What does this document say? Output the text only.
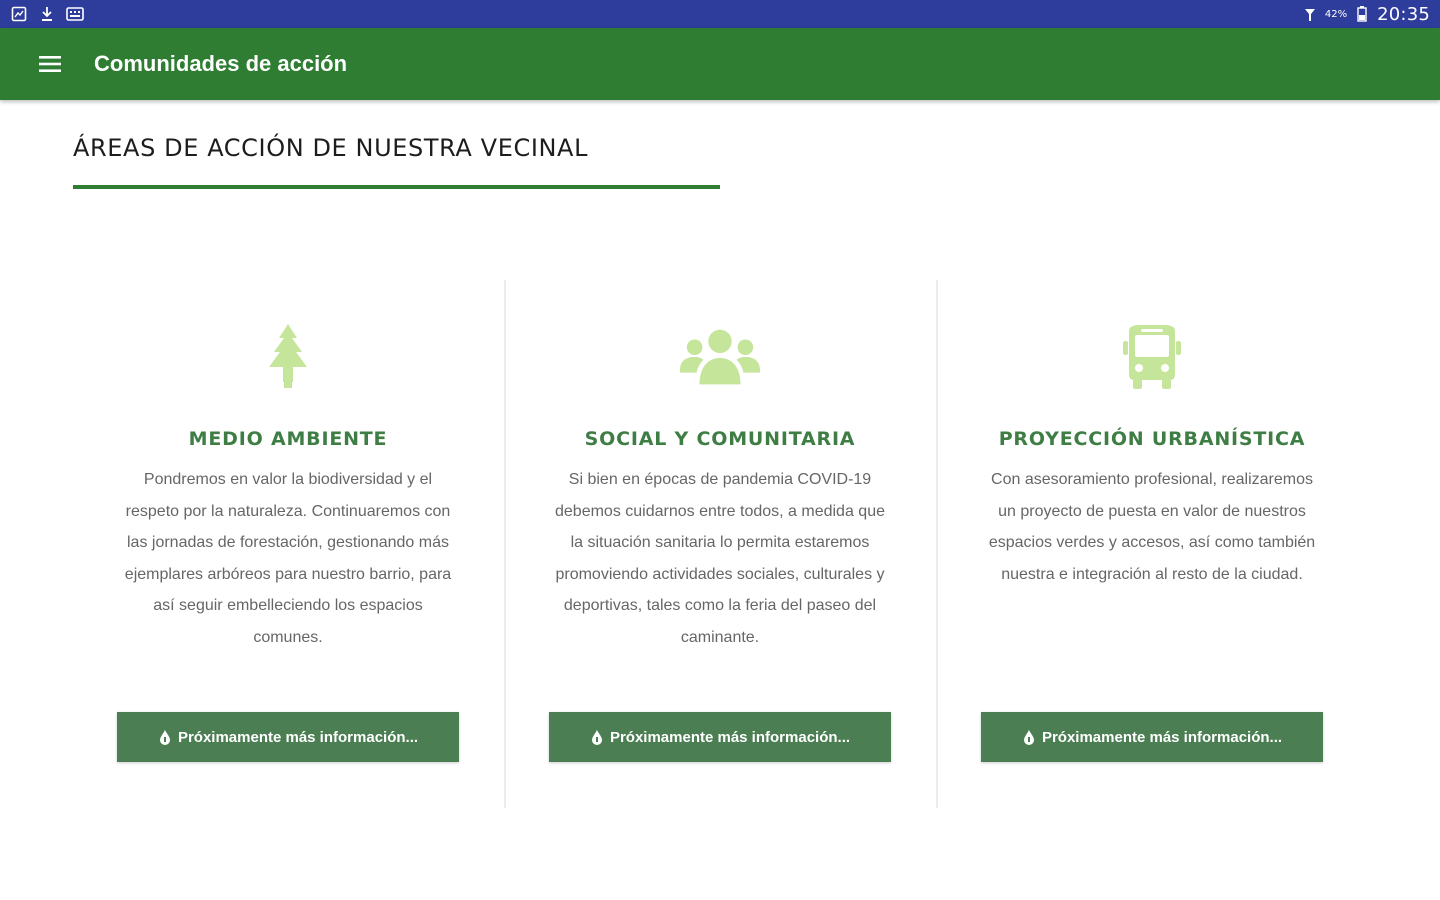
42% 20:35
Comunidades de acción
ÁREAS DE ACCIÓN DE NUESTRA VECINAL
MEDIO AMBIENTE
Pondremos en valor la biodiversidad y el respeto por la naturaleza. Continuaremos con las jornadas de forestación, gestionando más ejemplares arbóreos para nuestro barrio, para así seguir embelleciendo los espacios comunes.
Próximamente más información...
SOCIAL Y COMUNITARIA
Si bien en épocas de pandemia COVID-19 debemos cuidarnos entre todos, a medida que la situación sanitaria lo permita estaremos promoviendo actividades sociales, culturales y deportivas, tales como la feria del paseo del caminante.
Próximamente más información...
PROYECCIÓN URBANÍSTICA
Con asesoramiento profesional, realizaremos un proyecto de puesta en valor de nuestros espacios verdes y accesos, así como también nuestra e integración al resto de la ciudad.
Próximamente más información...
